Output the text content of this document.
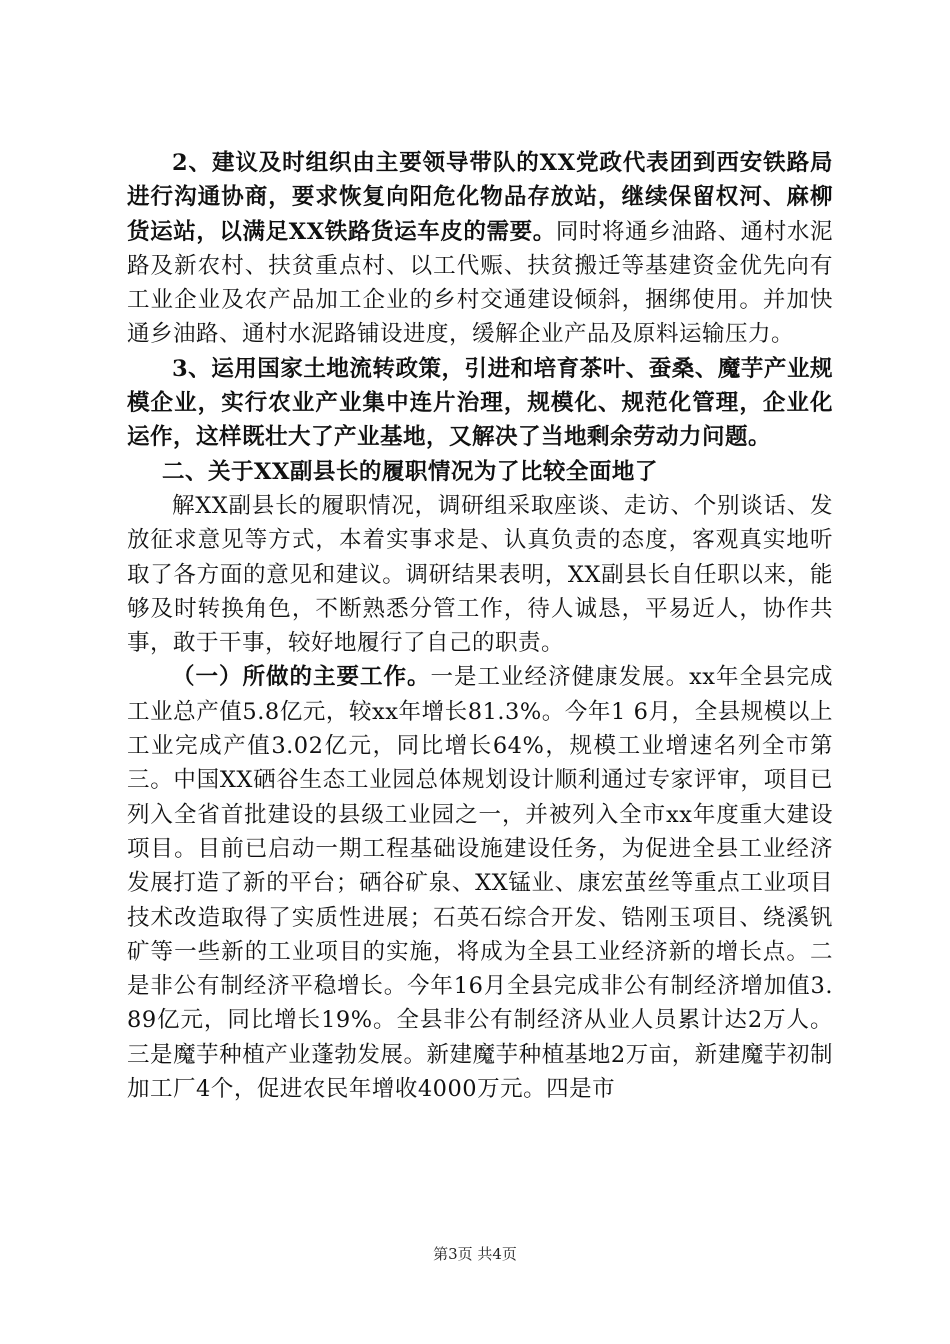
2、建议及时组织由主要领导带队的XX党政代表团到西安铁路局进行沟通协商，要求恢复向阳危化物品存放站，继续保留权河、麻柳货运站，以满足XX铁路货运车皮的需要。同时将通乡油路、通村水泥路及新农村、扶贫重点村、以工代赈、扶贫搬迁等基建资金优先向有工业企业及农产品加工企业的乡村交通建设倾斜，捆绑使用。并加快通乡油路、通村水泥路铺设进度，缓解企业产品及原料运输压力。

3、运用国家土地流转政策，引进和培育茶叶、蚕桑、魔芋产业规模企业，实行农业产业集中连片治理，规模化、规范化管理，企业化运作，这样既壮大了产业基地，又解决了当地剩余劳动力问题。

二、关于XX副县长的履职情况为了比较全面地了

解XX副县长的履职情况，调研组采取座谈、走访、个别谈话、发放征求意见等方式，本着实事求是、认真负责的态度，客观真实地听取了各方面的意见和建议。调研结果表明，XX副县长自任职以来，能够及时转换角色，不断熟悉分管工作，待人诚恳，平易近人，协作共事，敢于干事，较好地履行了自己的职责。

（一）所做的主要工作。一是工业经济健康发展。xx年全县完成工业总产值5.8亿元，较xx年增长81.3%。今年1 6月，全县规模以上工业完成产值3.02亿元，同比增长64%，规模工业增速名列全市第三。中国XX硒谷生态工业园总体规划设计顺利通过专家评审，项目已列入全省首批建设的县级工业园之一，并被列入全市xx年度重大建设项目。目前已启动一期工程基础设施建设任务，为促进全县工业经济发展打造了新的平台；硒谷矿泉、XX锰业、康宏茧丝等重点工业项目技术改造取得了实质性进展；石英石综合开发、锆刚玉项目、绕溪钒矿等一些新的工业项目的实施，将成为全县工业经济新的增长点。二是非公有制经济平稳增长。今年16月全县完成非公有制经济增加值3.89亿元，同比增长19%。全县非公有制经济从业人员累计达2万人。三是魔芋种植产业蓬勃发展。新建魔芋种植基地2万亩，新建魔芋初制加工厂4个，促进农民年增收4000万元。四是市

第3页 共4页
